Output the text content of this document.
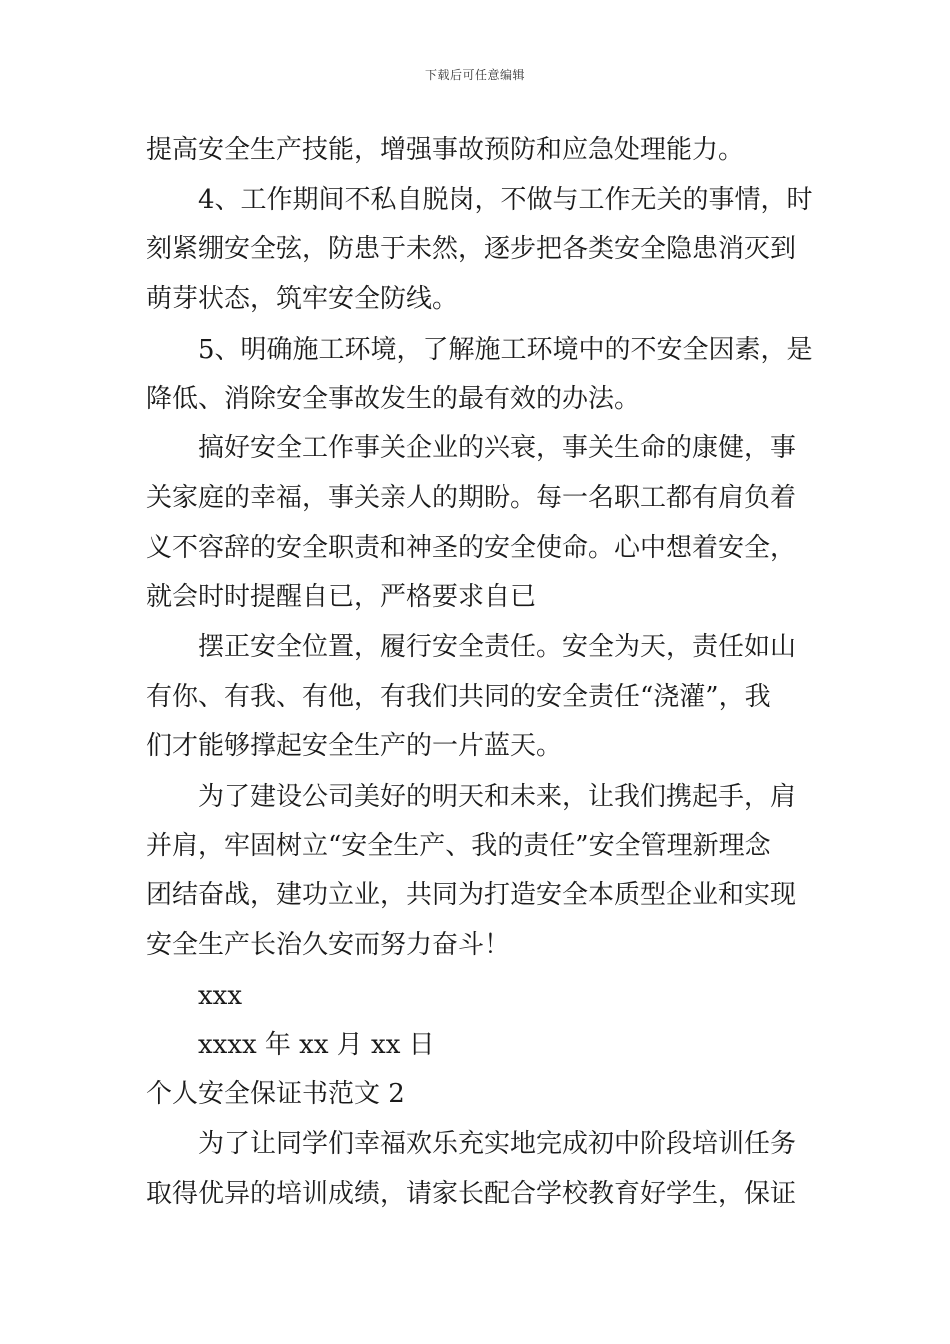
下载后可任意编辑
提高安全生产技能，增强事故预防和应急处理能力。
4、工作期间不私自脱岗，不做与工作无关的事情，时
刻紧绷安全弦，防患于未然，逐步把各类安全隐患消灭到
萌芽状态，筑牢安全防线。
5、明确施工环境，了解施工环境中的不安全因素，是
降低、消除安全事故发生的最有效的办法。
搞好安全工作事关企业的兴衰，事关生命的康健，事
关家庭的幸福，事关亲人的期盼。每一名职工都有肩负着
义不容辞的安全职责和神圣的安全使命。心中想着安全，
就会时时提醒自已，严格要求自已
摆正安全位置，履行安全责任。安全为天，责任如山
有你、有我、有他，有我们共同的安全责任“浇灌”，我
们才能够撑起安全生产的一片蓝天。
为了建设公司美好的明天和未来，让我们携起手，肩
并肩，牢固树立“安全生产、我的责任”安全管理新理念
团结奋战，建功立业，共同为打造安全本质型企业和实现
安全生产长治久安而努力奋斗！
xxx
xxxx 年 xx 月 xx 日
个人安全保证书范文 2
为了让同学们幸福欢乐充实地完成初中阶段培训任务
取得优异的培训成绩，请家长配合学校教育好学生，保证
